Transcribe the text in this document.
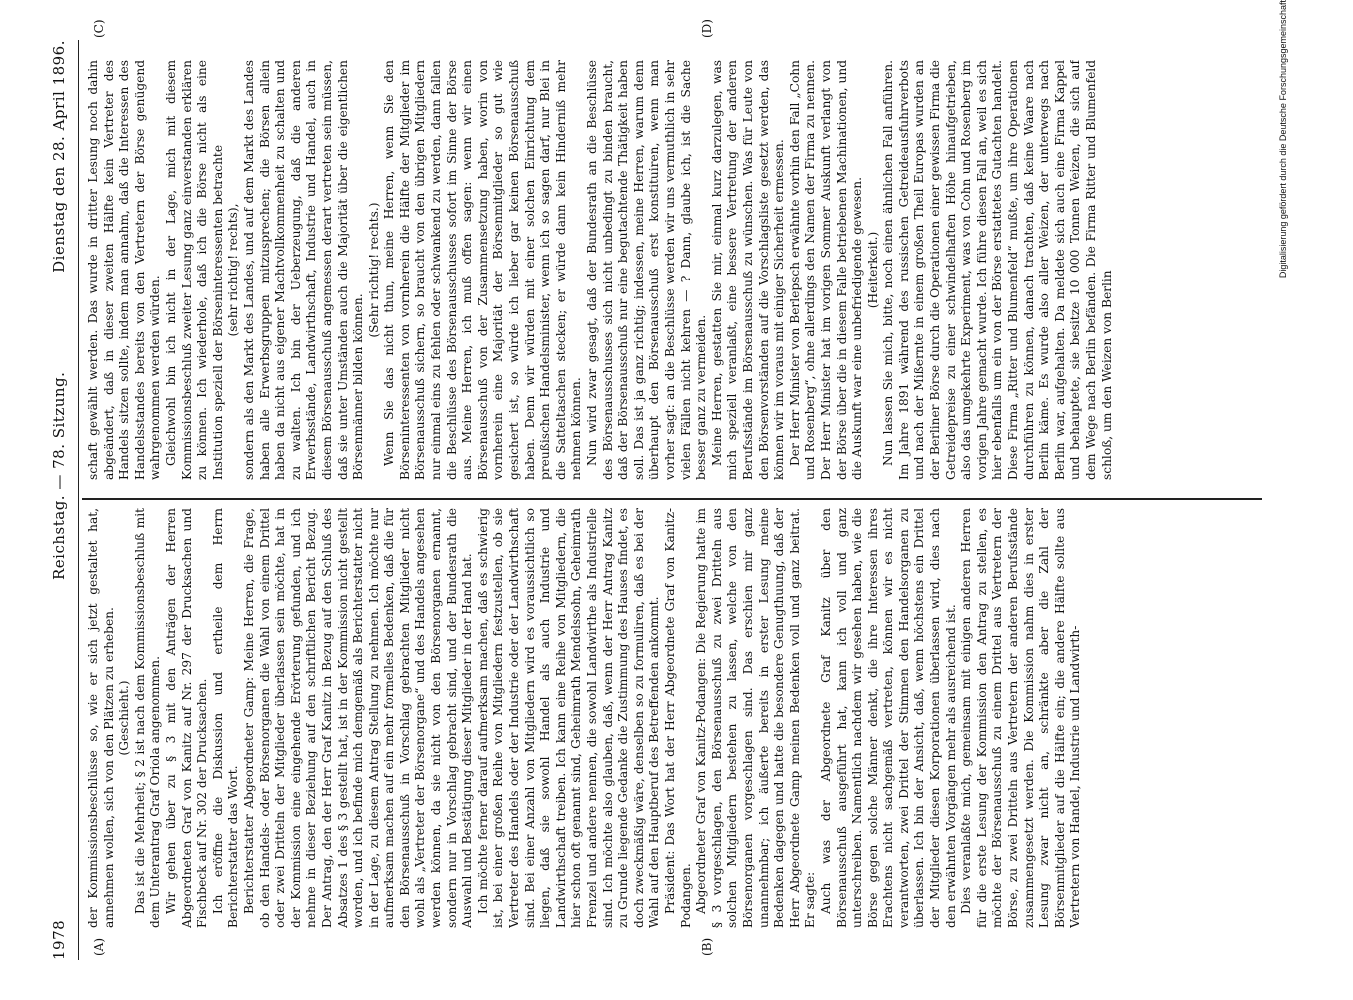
1978
Reichstag. — 78. Sitzung.
Dienstag den 28. April 1896.
(A)	(B)
(C)	(D)

der Kommissionsbeschlüsse so, wie er sich jetzt gestaltet hat, annehmen wollen, sich von den Plätzen zu erheben. (Geschieht.) Das ist die Mehrheit; § 2 ist nach dem Kommissionsbeschluß mit dem Unterantrag Graf Oriola angenommen. Wir gehen über zu § 3 mit den Anträgen der Herren Abgeordneten Graf von Kanitz auf Nr. 297 der Drucksachen und Fischbeck auf Nr. 302 der Drucksachen. Ich eröffne die Diskussion und ertheile dem Herrn Berichterstatter das Wort. Berichterstatter Abgeordneter Gamp: Meine Herren, die Frage, ob den Handels- oder Börsenorganen die Wahl von einem Drittel oder zwei Dritteln der Mitglieder überlassen sein möchte, hat in der Kommission eine eingehende Erörterung gefunden, und ich nehme in dieser Beziehung auf den schriftlichen Bericht Bezug. Der Antrag, den der Herr Graf Kanitz in Bezug auf den Schluß des Absatzes 1 des § 3 gestellt hat, ist in der Kommission nicht gestellt worden, und ich befinde mich demgemäß als Berichterstatter nicht in der Lage, zu diesem Antrag Stellung zu nehmen. Ich möchte nur aufmerksam machen auf ein mehr formelles Bedenken, daß die für den Börsenausschuß in Vorschlag gebrachten Mitglieder nicht wohl als „Vertreter der Börsenorgane“ und des Handels angesehen werden können, da sie nicht von den Börsenorganen ernannt, sondern nur in Vorschlag gebracht sind, und der Bundesrath die Auswahl und Bestätigung dieser Mitglieder in der Hand hat. Ich möchte ferner darauf aufmerksam machen, daß es schwierig ist, bei einer großen Reihe von Mitgliedern festzustellen, ob sie Vertreter des Handels oder der Industrie oder der Landwirthschaft sind. Bei einer Anzahl von Mitgliedern wird es voraussichtlich so liegen, daß sie sowohl Handel als auch Industrie und Landwirthschaft treiben. Ich kann eine Reihe von Mitgliedern, die hier schon oft genannt sind, Geheimrath Mendelssohn, Geheimrath Frenzel und andere nennen, die sowohl Landwirthe als Industrielle sind. Ich möchte also glauben, daß, wenn der Herr Antrag Kanitz zu Grunde liegende Gedanke die Zustimmung des Hauses findet, es doch zweckmäßig wäre, denselben so zu formuliren, daß es bei der Wahl auf den Hauptberuf des Betreffenden ankommt. Präsident: Das Wort hat der Herr Abgeordnete Graf von Kanitz-Podangen. Abgeordneter Graf von Kanitz-Podangen: Die Regierung hatte im § 3 vorgeschlagen, den Börsenausschuß zu zwei Dritteln aus solchen Mitgliedern bestehen zu lassen, welche von den Börsenorganen vorgeschlagen sind. Das erschien mir ganz unannehmbar; ich äußerte bereits in erster Lesung meine Bedenken dagegen und hatte die besondere Genugthuung, daß der Herr Abgeordnete Gamp meinen Bedenken voll und ganz beitrat. Er sagte: Auch was der Abgeordnete Graf Kanitz über den Börsenausschuß ausgeführt hat, kann ich voll und ganz unterschreiben. Namentlich nachdem wir gesehen haben, wie die Börse gegen solche Männer denkt, die ihre Interessen ihres Erachtens nicht sachgemäß vertreten, können wir es nicht verantworten, zwei Drittel der Stimmen den Handelsorganen zu überlassen. Ich bin der Ansicht, daß, wenn höchstens ein Drittel der Mitglieder diesen Korporationen überlassen wird, dies nach den erwähnten Vorgängen mehr als ausreichend ist. Dies veranlaßte mich, gemeinsam mit einigen anderen Herren für die erste Lesung der Kommission den Antrag zu stellen, es möchte der Börsenausschuß zu einem Drittel aus Vertretern der Börse, zu zwei Dritteln aus Vertretern der anderen Berufsstände zusammengesetzt werden. Die Kommission nahm dies in erster Lesung zwar nicht an, schränkte aber die Zahl der Börsenmitglieder auf die Hälfte ein; die andere Hälfte sollte aus Vertretern von Handel, Industrie und Landwirth-

schaft gewählt werden. Das wurde in dritter Lesung noch dahin abgeändert, daß in dieser zweiten Hälfte kein Vertreter des Handels sitzen sollte, indem man annahm, daß die Interessen des Handelsstandes bereits von den Vertretern der Börse genügend wahrgenommen werden würden. Gleichwohl bin ich nicht in der Lage, mich mit diesem Kommissionsbeschluß zweiter Lesung ganz einverstanden erklären zu können. Ich wiederhole, daß ich die Börse nicht als eine Institution speziell der Börseninteressenten betrachte (sehr richtig! rechts), sondern als den Markt des Landes, und auf dem Markt des Landes haben alle Erwerbsgruppen mitzusprechen; die Börsen allein haben da nicht aus eigener Machtvollkommenheit zu schalten und zu walten. Ich bin der Ueberzeugung, daß die anderen Erwerbsstände, Landwirthschaft, Industrie und Handel, auch in diesem Börsenausschuß angemessen derart vertreten sein müssen, daß sie unter Umständen auch die Majorität über die eigentlichen Börsenmänner bilden können.

(Sehr richtig! rechts.) Wenn Sie das nicht thun, meine Herren, wenn Sie den Börseninteressenten von vornherein die Hälfte der Mitglieder im Börsenausschuß sichern, so braucht von den übrigen Mitgliedern nur einmal eins zu fehlen oder schwankend zu werden, dann fallen die Beschlüsse des Börsenausschusses sofort im Sinne der Börse aus. Meine Herren, ich muß offen sagen: wenn wir einen Börsenausschuß von der Zusammensetzung haben, worin von vornherein eine Majorität der Börsenmitglieder so gut wie gesichert ist, so würde ich lieber gar keinen Börsenausschuß haben. Denn wir würden mit einer solchen Einrichtung dem preußischen Handelsminister, wenn ich so sagen darf, nur Blei in die Satteltaschen stecken; er würde dann kein Hinderniß mehr nehmen können. Nun wird zwar gesagt, daß der Bundesrath an die Beschlüsse des Börsenausschusses sich nicht unbedingt zu binden braucht, daß der Börsenausschuß nur eine begutachtende Thätigkeit haben soll. Das ist ja ganz richtig; indessen, meine Herren, warum denn überhaupt den Börsenausschuß erst konstituiren, wenn man vorher sagt: an die Beschlüsse werden wir uns vermuthlich in sehr vielen Fällen nicht kehren — ? Dann, glaube ich, ist die Sache besser ganz zu vermeiden. Meine Herren, gestatten Sie mir, einmal kurz darzulegen, was mich speziell veranlaßt, eine bessere Vertretung der anderen Berufsstände im Börsenausschuß zu wünschen. Was für Leute von den Börsenvorständen auf die Vorschlagsliste gesetzt werden, das können wir im voraus mit einiger Sicherheit ermessen. Der Herr Minister von Berlepsch erwähnte vorhin den Fall „Cohn und Rosenberg“, ohne allerdings den Namen der Firma zu nennen. Der Herr Minister hat im vorigen Sommer Auskunft verlangt von der Börse über die in diesem Falle betriebenen Machinationen, und die Auskunft war eine unbefriedigende gewesen. (Heiterkeit.) Nun lassen Sie mich, bitte, noch einen ähnlichen Fall anführen. Im Jahre 1891 während des russischen Getreideausfuhrverbots und nach der Mißernte in einem großen Theil Europas wurden an der Berliner Börse durch die Operationen einer gewissen Firma die Getreidepreise zu einer schwindelhaften Höhe hinaufgetrieben, also das umgekehrte Experiment, was von Cohn und Rosenberg im vorigen Jahre gemacht wurde. Ich führe diesen Fall an, weil es sich hier ebenfalls um ein von der Börse erstattetes Gutachten handelt. Diese Firma „Ritter und Blumenfeld“ mußte, um ihre Operationen durchführen zu können, danach trachten, daß keine Waare nach Berlin käme. Es wurde also aller Weizen, der unterwegs nach Berlin war, aufgehalten. Da meldete sich auch eine Firma Kappel und behauptete, sie besitze 10 000 Tonnen Weizen, die sich auf dem Wege nach Berlin befänden. Die Firma Ritter und Blumenfeld schloß, um den Weizen von Berlin

Digitalisierung gefördert durch die Deutsche Forschungsgemeinschaft
